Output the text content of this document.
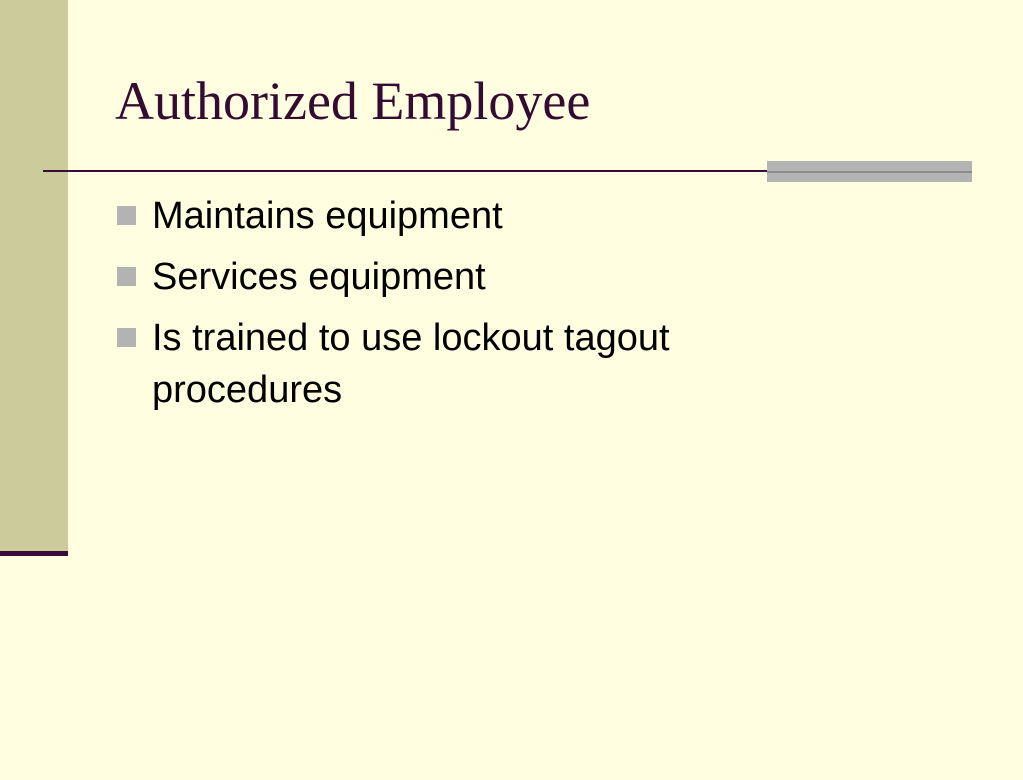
Authorized Employee
Maintains equipment
Services equipment
Is trained to use lockout tagout procedures
